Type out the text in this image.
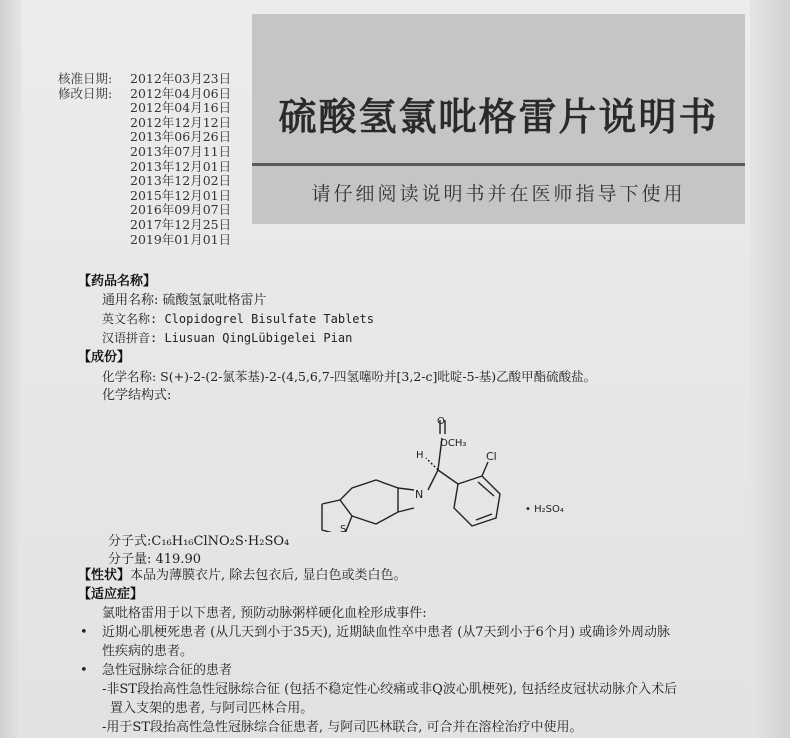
核准日期:	2012年03月23日
修改日期:	2012年04月06日
2012年04月16日
2012年12月12日
2013年06月26日
2013年07月11日
2013年12月01日
2013年12月02日
2015年12月01日
2016年09月07日
2017年12月25日
2019年01月01日
硫酸氢氯吡格雷片说明书
请仔细阅读说明书并在医师指导下使用
【药品名称】
通用名称: 硫酸氢氯吡格雷片
英文名称: Clopidogrel Bisulfate Tablets
汉语拼音: Liusuan QingLübigelei Pian
【成份】
化学名称: S(+)-2-(2-氯苯基)-2-(4,5,6,7-四氢噻吩并[3,2-c]吡啶-5-基)乙酸甲酯硫酸盐。
化学结构式:
O
OCH₃
H
N
Cl
S
• H₂SO₄
分子式:C₁₆H₁₆ClNO₂S·H₂SO₄
分子量: 419.90
【性状】本品为薄膜衣片, 除去包衣后, 显白色或类白色。
【适应症】
氯吡格雷用于以下患者, 预防动脉粥样硬化血栓形成事件:
• 近期心肌梗死患者 (从几天到小于35天), 近期缺血性卒中患者 (从7天到小于6个月) 或确诊外周动脉
性疾病的患者。
• 急性冠脉综合征的患者
-非ST段抬高性急性冠脉综合征 (包括不稳定性心绞痛或非Q波心肌梗死), 包括经皮冠状动脉介入术后
置入支架的患者, 与阿司匹林合用。
-用于ST段抬高性急性冠脉综合征患者, 与阿司匹林联合, 可合并在溶栓治疗中使用。
